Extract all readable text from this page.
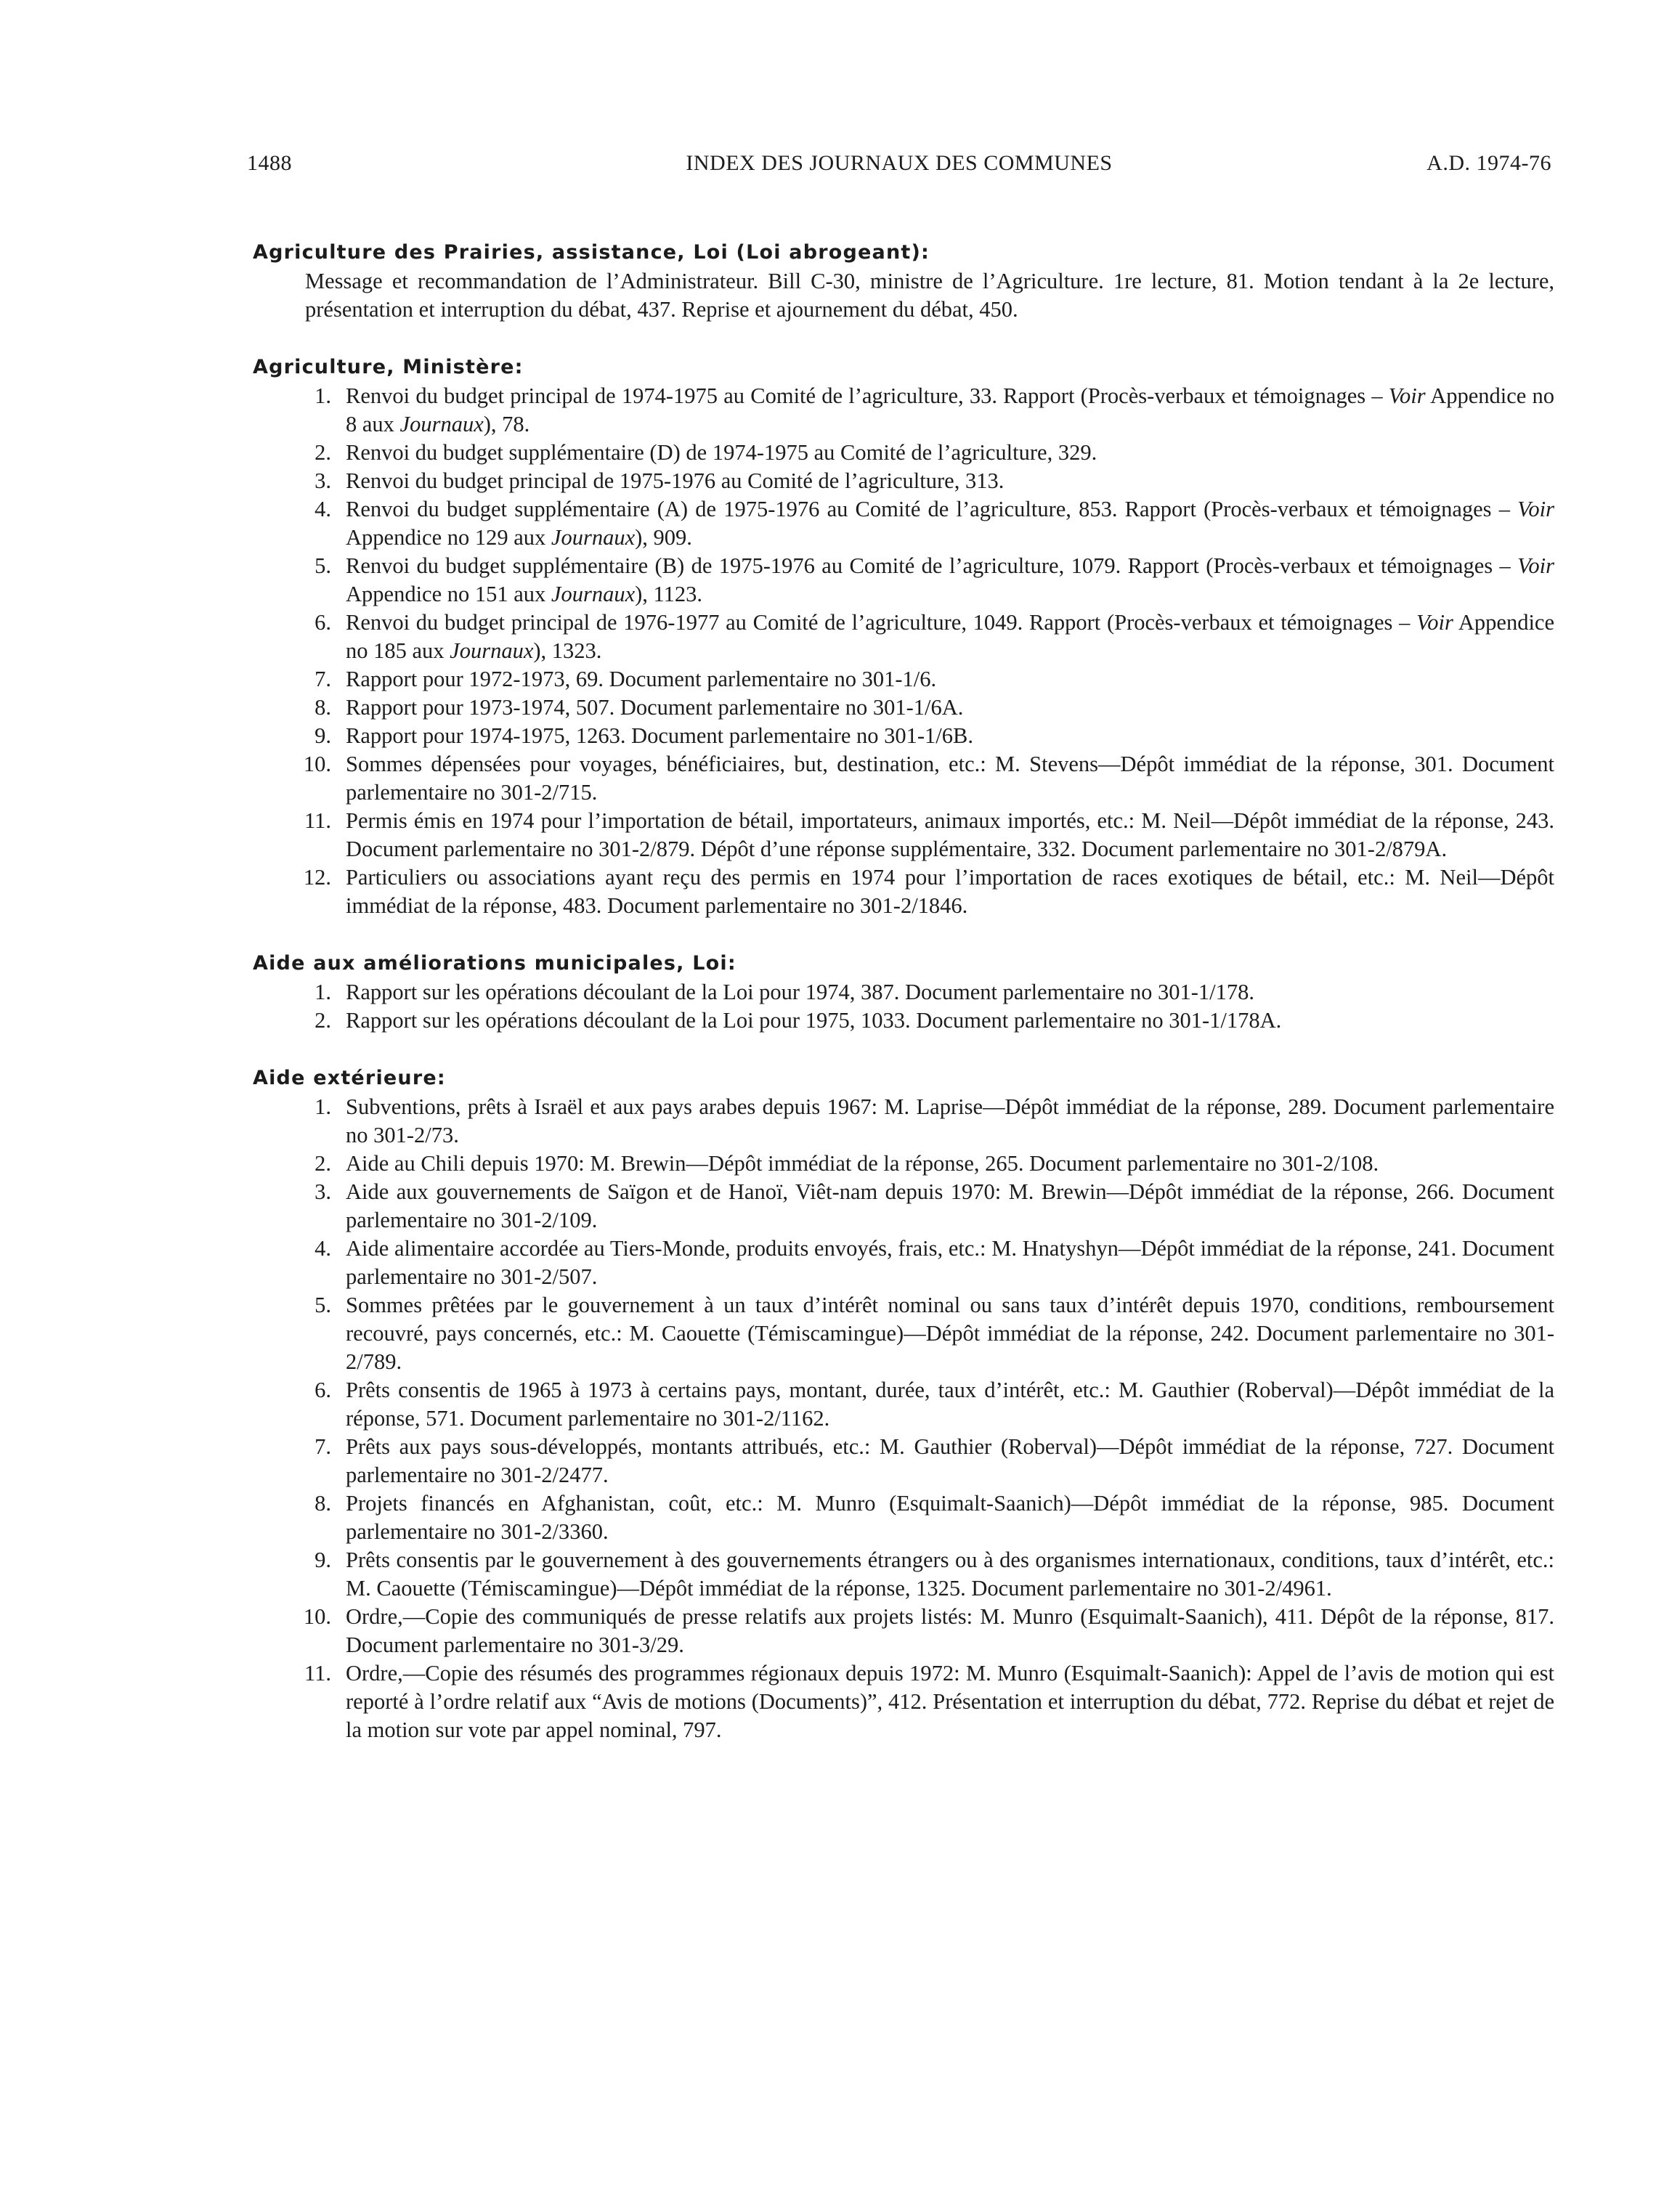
1488	INDEX DES JOURNAUX DES COMMUNES	A.D. 1974-76
Agriculture des Prairies, assistance, Loi (Loi abrogeant):
Message et recommandation de l’Administrateur. Bill C-30, ministre de l’Agriculture. 1re lecture, 81. Motion tendant à la 2e lecture, présentation et interruption du débat, 437. Reprise et ajournement du débat, 450.
Agriculture, Ministère:
1. Renvoi du budget principal de 1974-1975 au Comité de l’agriculture, 33. Rapport (Procès-verbaux et témoignages – Voir Appendice no 8 aux Journaux), 78.
2. Renvoi du budget supplémentaire (D) de 1974-1975 au Comité de l’agriculture, 329.
3. Renvoi du budget principal de 1975-1976 au Comité de l’agriculture, 313.
4. Renvoi du budget supplémentaire (A) de 1975-1976 au Comité de l’agriculture, 853. Rapport (Procès-verbaux et témoignages – Voir Appendice no 129 aux Journaux), 909.
5. Renvoi du budget supplémentaire (B) de 1975-1976 au Comité de l’agriculture, 1079. Rapport (Procès-verbaux et témoignages – Voir Appendice no 151 aux Journaux), 1123.
6. Renvoi du budget principal de 1976-1977 au Comité de l’agriculture, 1049. Rapport (Procès-verbaux et témoignages – Voir Appendice no 185 aux Journaux), 1323.
7. Rapport pour 1972-1973, 69. Document parlementaire no 301-1/6.
8. Rapport pour 1973-1974, 507. Document parlementaire no 301-1/6A.
9. Rapport pour 1974-1975, 1263. Document parlementaire no 301-1/6B.
10. Sommes dépensées pour voyages, bénéficiaires, but, destination, etc.: M. Stevens—Dépôt immédiat de la réponse, 301. Document parlementaire no 301-2/715.
11. Permis émis en 1974 pour l’importation de bétail, importateurs, animaux importés, etc.: M. Neil—Dépôt immédiat de la réponse, 243. Document parlementaire no 301-2/879. Dépôt d’une réponse supplémentaire, 332. Document parlementaire no 301-2/879A.
12. Particuliers ou associations ayant reçu des permis en 1974 pour l’importation de races exotiques de bétail, etc.: M. Neil—Dépôt immédiat de la réponse, 483. Document parlementaire no 301-2/1846.
Aide aux améliorations municipales, Loi:
1. Rapport sur les opérations découlant de la Loi pour 1974, 387. Document parlementaire no 301-1/178.
2. Rapport sur les opérations découlant de la Loi pour 1975, 1033. Document parlementaire no 301-1/178A.
Aide extérieure:
1. Subventions, prêts à Israël et aux pays arabes depuis 1967: M. Laprise—Dépôt immédiat de la réponse, 289. Document parlementaire no 301-2/73.
2. Aide au Chili depuis 1970: M. Brewin—Dépôt immédiat de la réponse, 265. Document parlementaire no 301-2/108.
3. Aide aux gouvernements de Saïgon et de Hanoï, Viêt-nam depuis 1970: M. Brewin—Dépôt immédiat de la réponse, 266. Document parlementaire no 301-2/109.
4. Aide alimentaire accordée au Tiers-Monde, produits envoyés, frais, etc.: M. Hnatyshyn—Dépôt immédiat de la réponse, 241. Document parlementaire no 301-2/507.
5. Sommes prêtées par le gouvernement à un taux d’intérêt nominal ou sans taux d’intérêt depuis 1970, conditions, remboursement recouvré, pays concernés, etc.: M. Caouette (Témiscamingue)—Dépôt immédiat de la réponse, 242. Document parlementaire no 301-2/789.
6. Prêts consentis de 1965 à 1973 à certains pays, montant, durée, taux d’intérêt, etc.: M. Gauthier (Roberval)—Dépôt immédiat de la réponse, 571. Document parlementaire no 301-2/1162.
7. Prêts aux pays sous-développés, montants attribués, etc.: M. Gauthier (Roberval)—Dépôt immédiat de la réponse, 727. Document parlementaire no 301-2/2477.
8. Projets financés en Afghanistan, coût, etc.: M. Munro (Esquimalt-Saanich)—Dépôt immédiat de la réponse, 985. Document parlementaire no 301-2/3360.
9. Prêts consentis par le gouvernement à des gouvernements étrangers ou à des organismes internationaux, conditions, taux d’intérêt, etc.: M. Caouette (Témiscamingue)—Dépôt immédiat de la réponse, 1325. Document parlementaire no 301-2/4961.
10. Ordre,—Copie des communiqués de presse relatifs aux projets listés: M. Munro (Esquimalt-Saanich), 411. Dépôt de la réponse, 817. Document parlementaire no 301-3/29.
11. Ordre,—Copie des résumés des programmes régionaux depuis 1972: M. Munro (Esquimalt-Saanich): Appel de l’avis de motion qui est reporté à l’ordre relatif aux “Avis de motions (Documents)”, 412. Présentation et interruption du débat, 772. Reprise du débat et rejet de la motion sur vote par appel nominal, 797.
